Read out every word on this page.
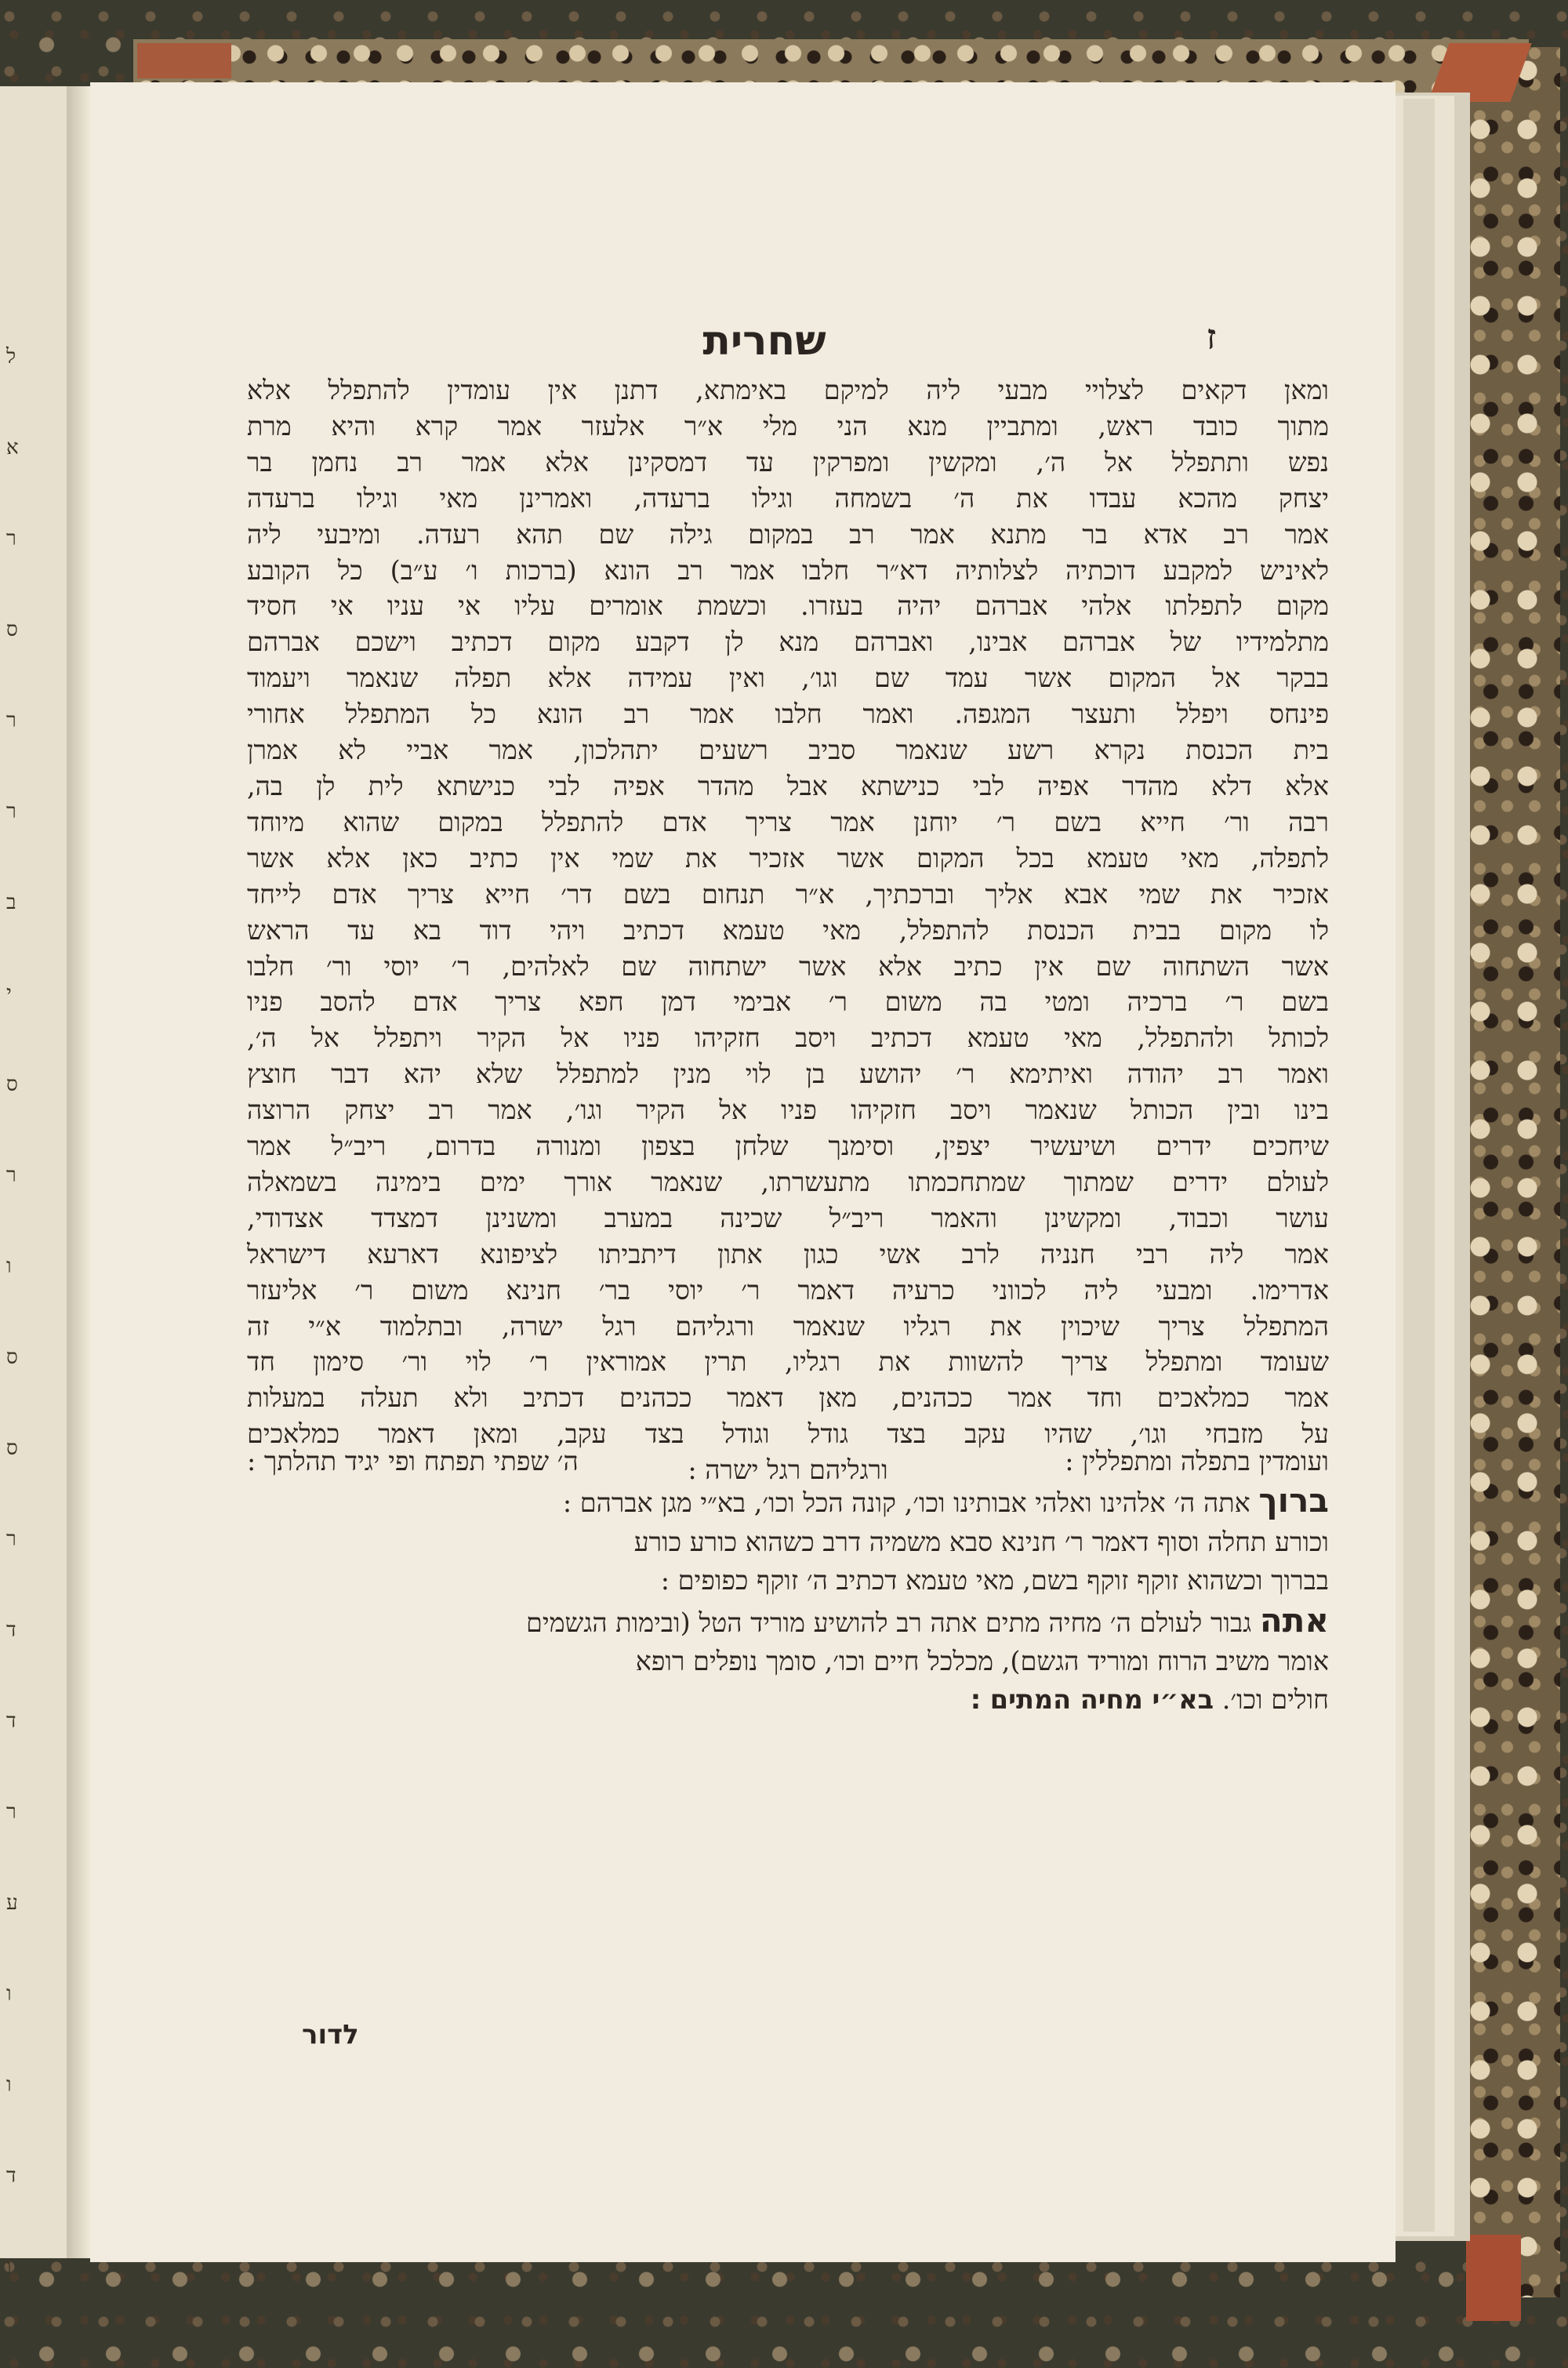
ל
א
ר
ס
ר
ר
ב
י
ס
ר
ו
ס
ס
ר
ד
ד
ר
ע
ו
ו
ד
ו
ז
שחרית

ומאן דקאים לצלויי מבעי ליה למיקם באימתא, דתנן אין עומדין להתפלל אלא

מתוך כובד ראש, ומתביין מנא הני מלי א״ר אלעזר אמר קרא והיא מרת

נפש ותתפלל אל ה׳, ומקשין ומפרקין עד דמסקינן אלא אמר רב נחמן בר

יצחק מהכא עבדו את ה׳ בשמחה וגילו ברעדה, ואמרינן מאי וגילו ברעדה

אמר רב אדא בר מתנא אמר רב במקום גילה שם תהא רעדה. ומיבעי ליה

לאיניש למקבע דוכתיה לצלותיה דא״ר חלבו אמר רב הונא (ברכות ו׳ ע״ב) כל הקובע

מקום לתפלתו אלהי אברהם יהיה בעזרו. וכשמת אומרים עליו אי עניו אי חסיד

מתלמידיו של אברהם אבינו, ואברהם מנא לן דקבע מקום דכתיב וישכם אברהם

בבקר אל המקום אשר עמד שם וגו׳, ואין עמידה אלא תפלה שנאמר ויעמוד

פינחס ויפלל ותעצר המגפה. ואמר חלבו אמר רב הונא כל המתפלל אחורי

בית הכנסת נקרא רשע שנאמר סביב רשעים יתהלכון, אמר אביי לא אמרן

אלא דלא מהדר אפיה לבי כנישתא אבל מהדר אפיה לבי כנישתא לית לן בה,

רבה ור׳ חייא בשם ר׳ יוחנן אמר צריך אדם להתפלל במקום שהוא מיוחד

לתפלה, מאי טעמא בכל המקום אשר אזכיר את שמי אין כתיב כאן אלא אשר

אזכיר את שמי אבא אליך וברכתיך, א״ר תנחום בשם דר׳ חייא צריך אדם לייחד

לו מקום בבית הכנסת להתפלל, מאי טעמא דכתיב ויהי דוד בא עד הראש

אשר השתחוה שם אין כתיב אלא אשר ישתחוה שם לאלהים, ר׳ יוסי ור׳ חלבו

בשם ר׳ ברכיה ומטי בה משום ר׳ אבימי דמן חפא צריך אדם להסב פניו

לכותל ולהתפלל, מאי טעמא דכתיב ויסב חזקיהו פניו אל הקיר ויתפלל אל ה׳,

ואמר רב יהודה ואיתימא ר׳ יהושע בן לוי מנין למתפלל שלא יהא דבר חוצץ

בינו ובין הכותל שנאמר ויסב חזקיהו פניו אל הקיר וגו׳, אמר רב יצחק הרוצה

שיחכים ידרים ושיעשיר יצפין, וסימנך שלחן בצפון ומנורה בדרום, ריב״ל אמר

לעולם ידרים שמתוך שמתחכמתו מתעשרתו, שנאמר אורך ימים בימינה בשמאלה

עושר וכבוד, ומקשינן והאמר ריב״ל שכינה במערב ומשנינן דמצדד אצדודי,

אמר ליה רבי חנניה לרב אשי כגון אתון דיתביתו לציפונא דארעא דישראל

אדרימו. ומבעי ליה לכווני כרעיה דאמר ר׳ יוסי בר׳ חנינא משום ר׳ אליעזר

המתפלל צריך שיכוין את רגליו שנאמר ורגליהם רגל ישרה, ובתלמוד א״י זה

שעומד ומתפלל צריך להשוות את רגליו, תרין אמוראין ר׳ לוי ור׳ סימון חד

אמר כמלאכים וחד אמר ככהנים, מאן דאמר ככהנים דכתיב ולא תעלה במעלות

על מזבחי וגו׳, שהיו עקב בצד גודל וגודל בצד עקב, ומאן דאמר כמלאכים

ורגליהם רגל ישרה :	ועומדין בתפלה ומתפללין :
ה׳ שפתי תפתח ופי יגיד תהלתך :
ברוך אתה ה׳ אלהינו ואלהי אבותינו וכו׳, קונה הכל וכו׳, בא״י מגן אברהם :

וכורע תחלה וסוף דאמר ר׳ חנינא סבא משמיה דרב כשהוא כורע כורע

בברוך וכשהוא זוקף זוקף בשם, מאי טעמא דכתיב ה׳ זוקף כפופים :

אתה גבור לעולם ה׳ מחיה מתים אתה רב להושיע מוריד הטל (ובימות הגשמים

אומר משיב הרוח ומוריד הגשם), מכלכל חיים וכו׳, סומך נופלים רופא

חולים וכו׳. בא״י מחיה המתים :

לדור
